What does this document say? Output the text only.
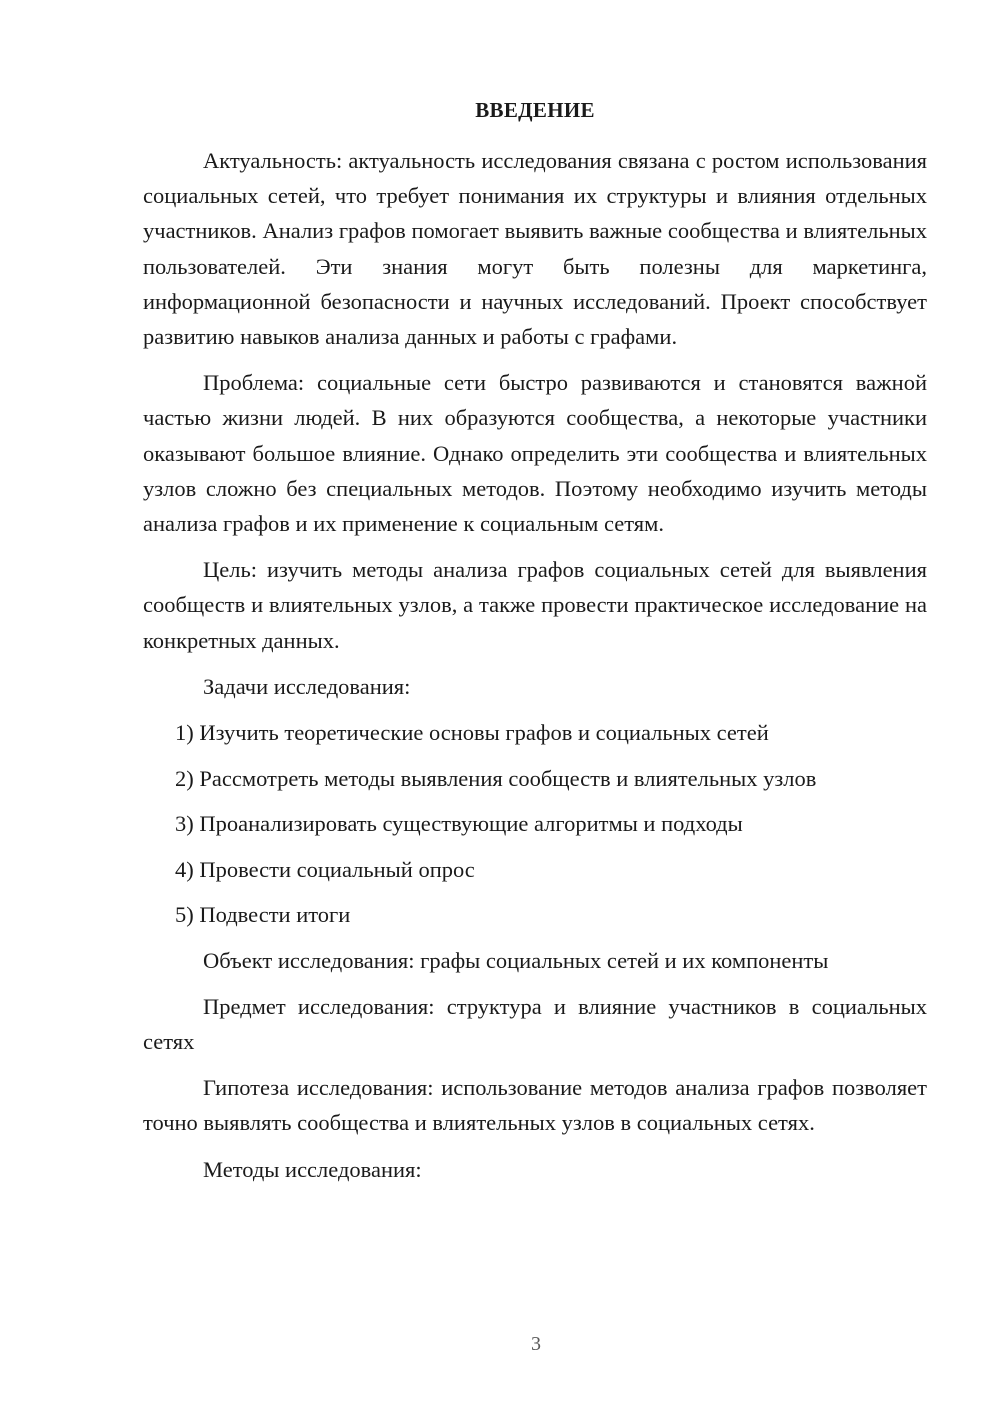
ВВЕДЕНИЕ

Актуальность: актуальность исследования связана с ростом использования социальных сетей, что требует понимания их структуры и влияния отдельных участников. Анализ графов помогает выявить важные сообщества и влиятельных пользователей. Эти знания могут быть полезны для маркетинга, информационной безопасности и научных исследований. Проект способствует развитию навыков анализа данных и работы с графами.

Проблема: социальные сети быстро развиваются и становятся важной частью жизни людей. В них образуются сообщества, а некоторые участники оказывают большое влияние. Однако определить эти сообщества и влиятельных узлов сложно без специальных методов. Поэтому необходимо изучить методы анализа графов и их применение к социальным сетям.

Цель: изучить методы анализа графов социальных сетей для выявления сообществ и влиятельных узлов, а также провести практическое исследование на конкретных данных.

Задачи исследования:

1) Изучить теоретические основы графов и социальных сетей
2) Рассмотреть методы выявления сообществ и влиятельных узлов
3) Проанализировать существующие алгоритмы и подходы
4) Провести социальный опрос
5) Подвести итоги

Объект исследования: графы социальных сетей и их компоненты

Предмет исследования: структура и влияние участников в социальных сетях

Гипотеза исследования: использование методов анализа графов позволяет точно выявлять сообщества и влиятельных узлов в социальных сетях.

Методы исследования:

3
